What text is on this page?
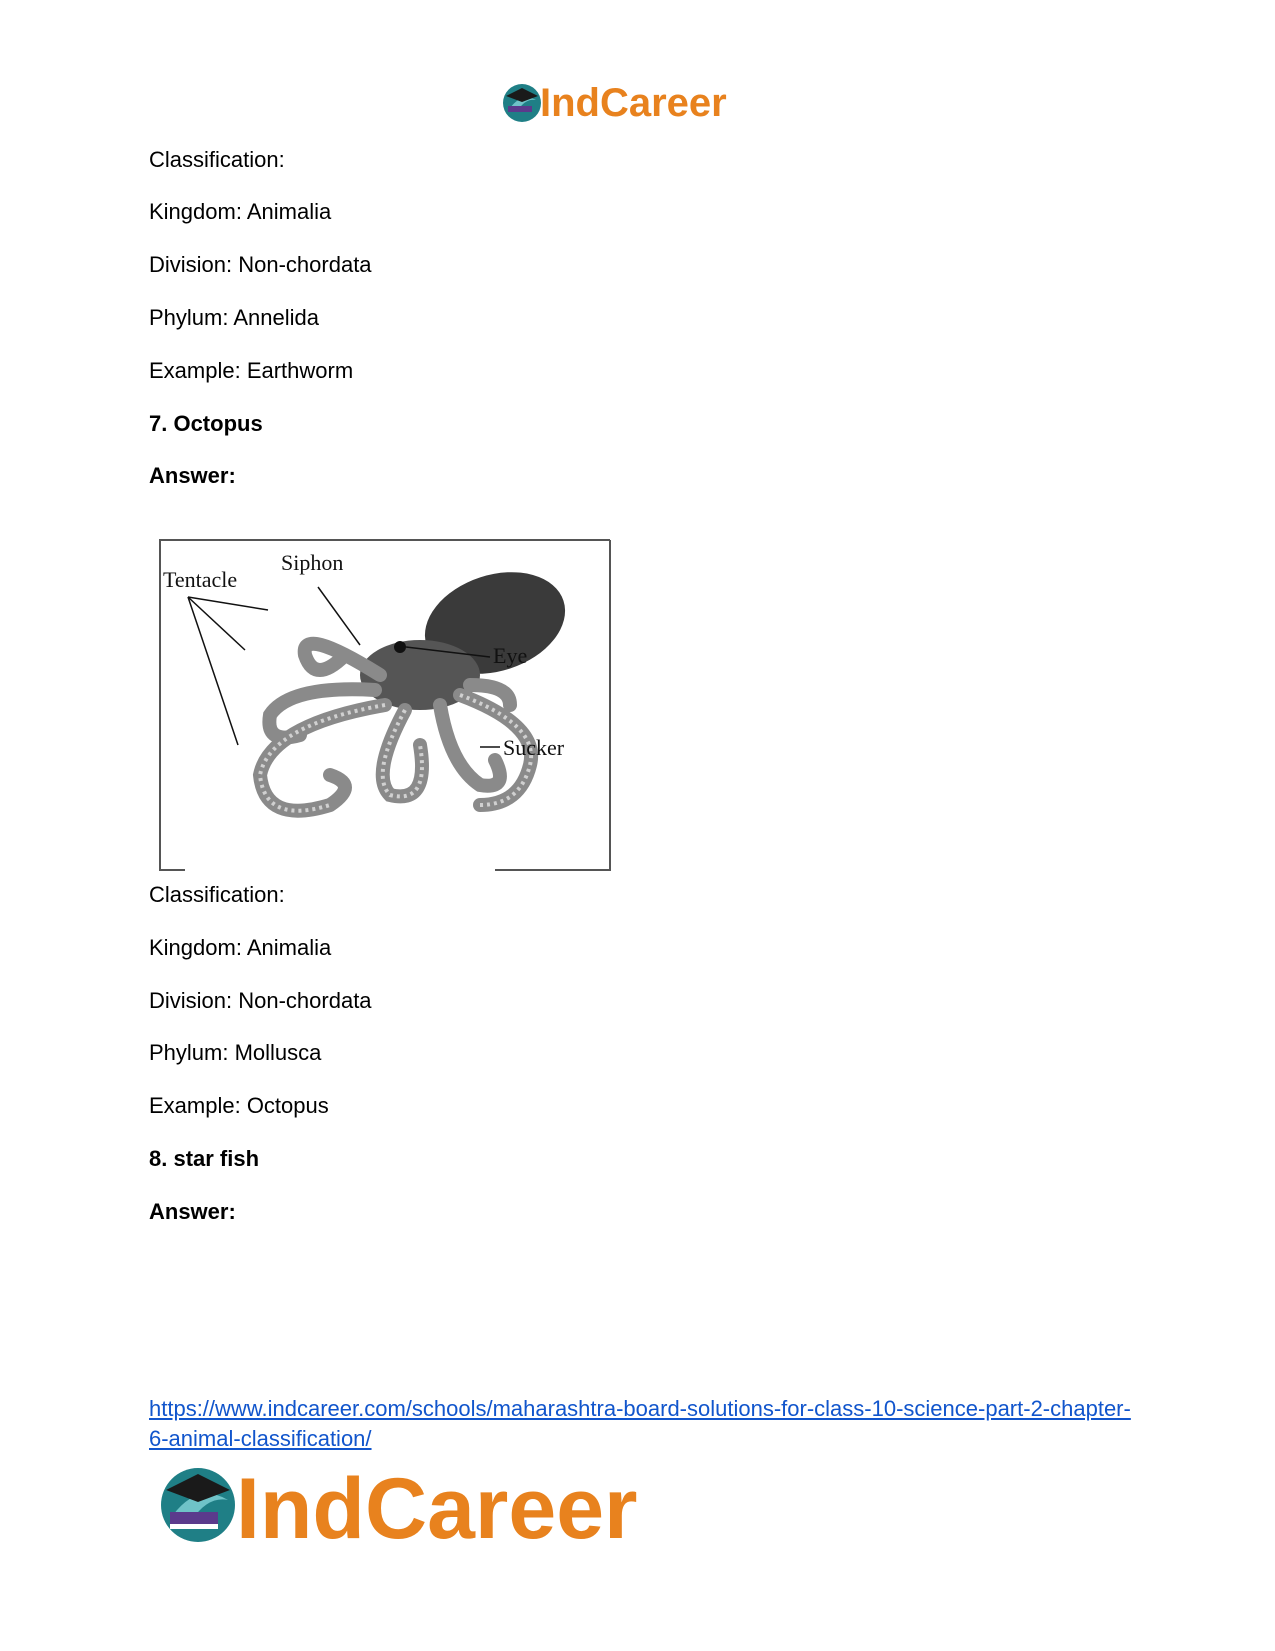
IndCareer
Classification:
Kingdom: Animalia
Division: Non-chordata
Phylum: Annelida
Example: Earthworm
7. Octopus
Answer:
Tentacle
Siphon
Eye
Sucker
Classification:
Kingdom: Animalia
Division: Non-chordata
Phylum: Mollusca
Example: Octopus
8. star fish
Answer:
https://www.indcareer.com/schools/maharashtra-board-solutions-for-class-10-science-part-2-chapter-6-animal-classification/
IndCareer
